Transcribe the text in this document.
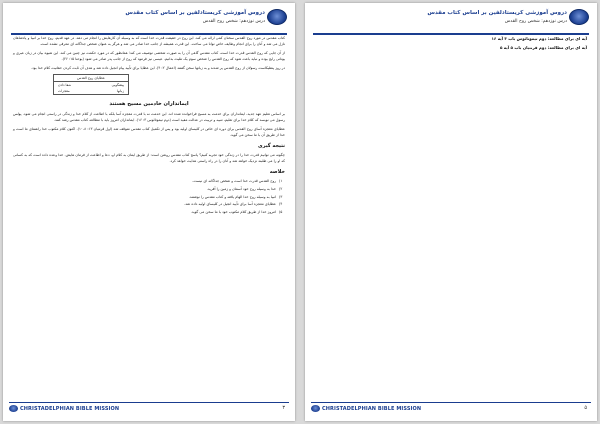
دروس آموزشی کریستادلفین بر اساس کتاب مقدس
درس نوزدهم: شخص روح القدس

کتاب مقدس در مورد روح القدس سخنان کمی ارائه می کند. این روح در حقیقت قدرت خدا است که به وسیله آن کارهایش را انجام می دهد. در عهد قدیم، روح خدا بر انبیا و پادشاهان نازل می شد و آنان را برای انجام وظایف خاص توانا می ساخت. این قدرت همیشه از جانب خدا صادر می شد و هرگز به عنوان شخص جداگانه ای معرفی نشده است.

از آن جایی که روح القدس قدرت خدا است، کتاب مقدس گاهی آن را به صورت شخصی توصیف می کند؛ همانطور که در مورد حکمت نیز چنین می کند. این شیوه بیان در زبان عبری و یونانی رایج بوده و نباید باعث شود که روح القدس را شخص سوم یک تثلیث بدانیم. عیسی نیز فرمود که روح از جانب پدر صادر می شود (یوحنا ۱۵: ۲۶).

در روز پنطیکاست رسولان از روح القدس پر شدند و به زبانها سخن گفتند (اعمال ۲: ۴). این عطایا برای تأیید پیام انجیل داده شد و هدف آن ثابت کردن حقانیت کلام خدا بود.

عطایای روح القدس
پیشگویی
شفا دادن
زبانها
معجزات
ایمانداران خادمین مسیح هستند

بر اساس تعلیم عهد جدید، ایمانداران برای خدمت به مسیح فراخوانده شده اند. این خدمت نه با قدرت معجزه آسا بلکه با اطاعت از کلام خدا و زندگی در راستی انجام می شود. پولس رسول می نویسد که کلام خدا برای تعلیم، تنبیه و تربیت در عدالت مفید است (دوم تیموتائوس ۳: ۱۶). ایمانداران امروز باید با مطالعه کتاب مقدس رشد کنند.

عطایای معجزه آسای روح القدس برای دوره ای خاص در کلیسای اولیه بود و پس از تکمیل کتاب مقدس متوقف شد (اول قرنتیان ۱۳: ۸-۱۰). اکنون کلام مکتوب خدا راهنمای ما است و خدا از طریق آن با ما سخن می گوید.

نتیجه گیری

چگونه می توانیم قدرت خدا را در زندگی خود تجربه کنیم؟ پاسخ کتاب مقدس روشن است: از طریق ایمان به کلام او، دعا و اطاعت از فرمان هایش. خدا وعده داده است که به کسانی که او را می طلبند نزدیک خواهد شد و آنان را در راه راستی هدایت خواهد کرد.

خلاصه
۱)
روح القدس قدرت خدا است و شخص جداگانه ای نیست.
۲)
خدا به وسیله روح خود آسمان و زمین را آفرید.
۳)
انبیا به وسیله روح خدا الهام یافته و کتاب مقدس را نوشتند.
۴)
عطایای معجزه آسا برای تأیید انجیل در کلیسای اولیه داده شد.
۵)
امروز خدا از طریق کلام مکتوب خود با ما سخن می گوید.
CHRISTADELPHIAN BIBLE MISSION	۳
دروس آموزشی کریستادلفین بر اساس کتاب مقدس
درس نوزدهم: شخص روح القدس

آیه ای برای مطالعه: دوم تیموتائوس باب ۳ آیه ۱۶

آیه ای برای مطالعه: دوم قرنتیان باب ۵ آیه ۵

CHRISTADELPHIAN BIBLE MISSION	۵
